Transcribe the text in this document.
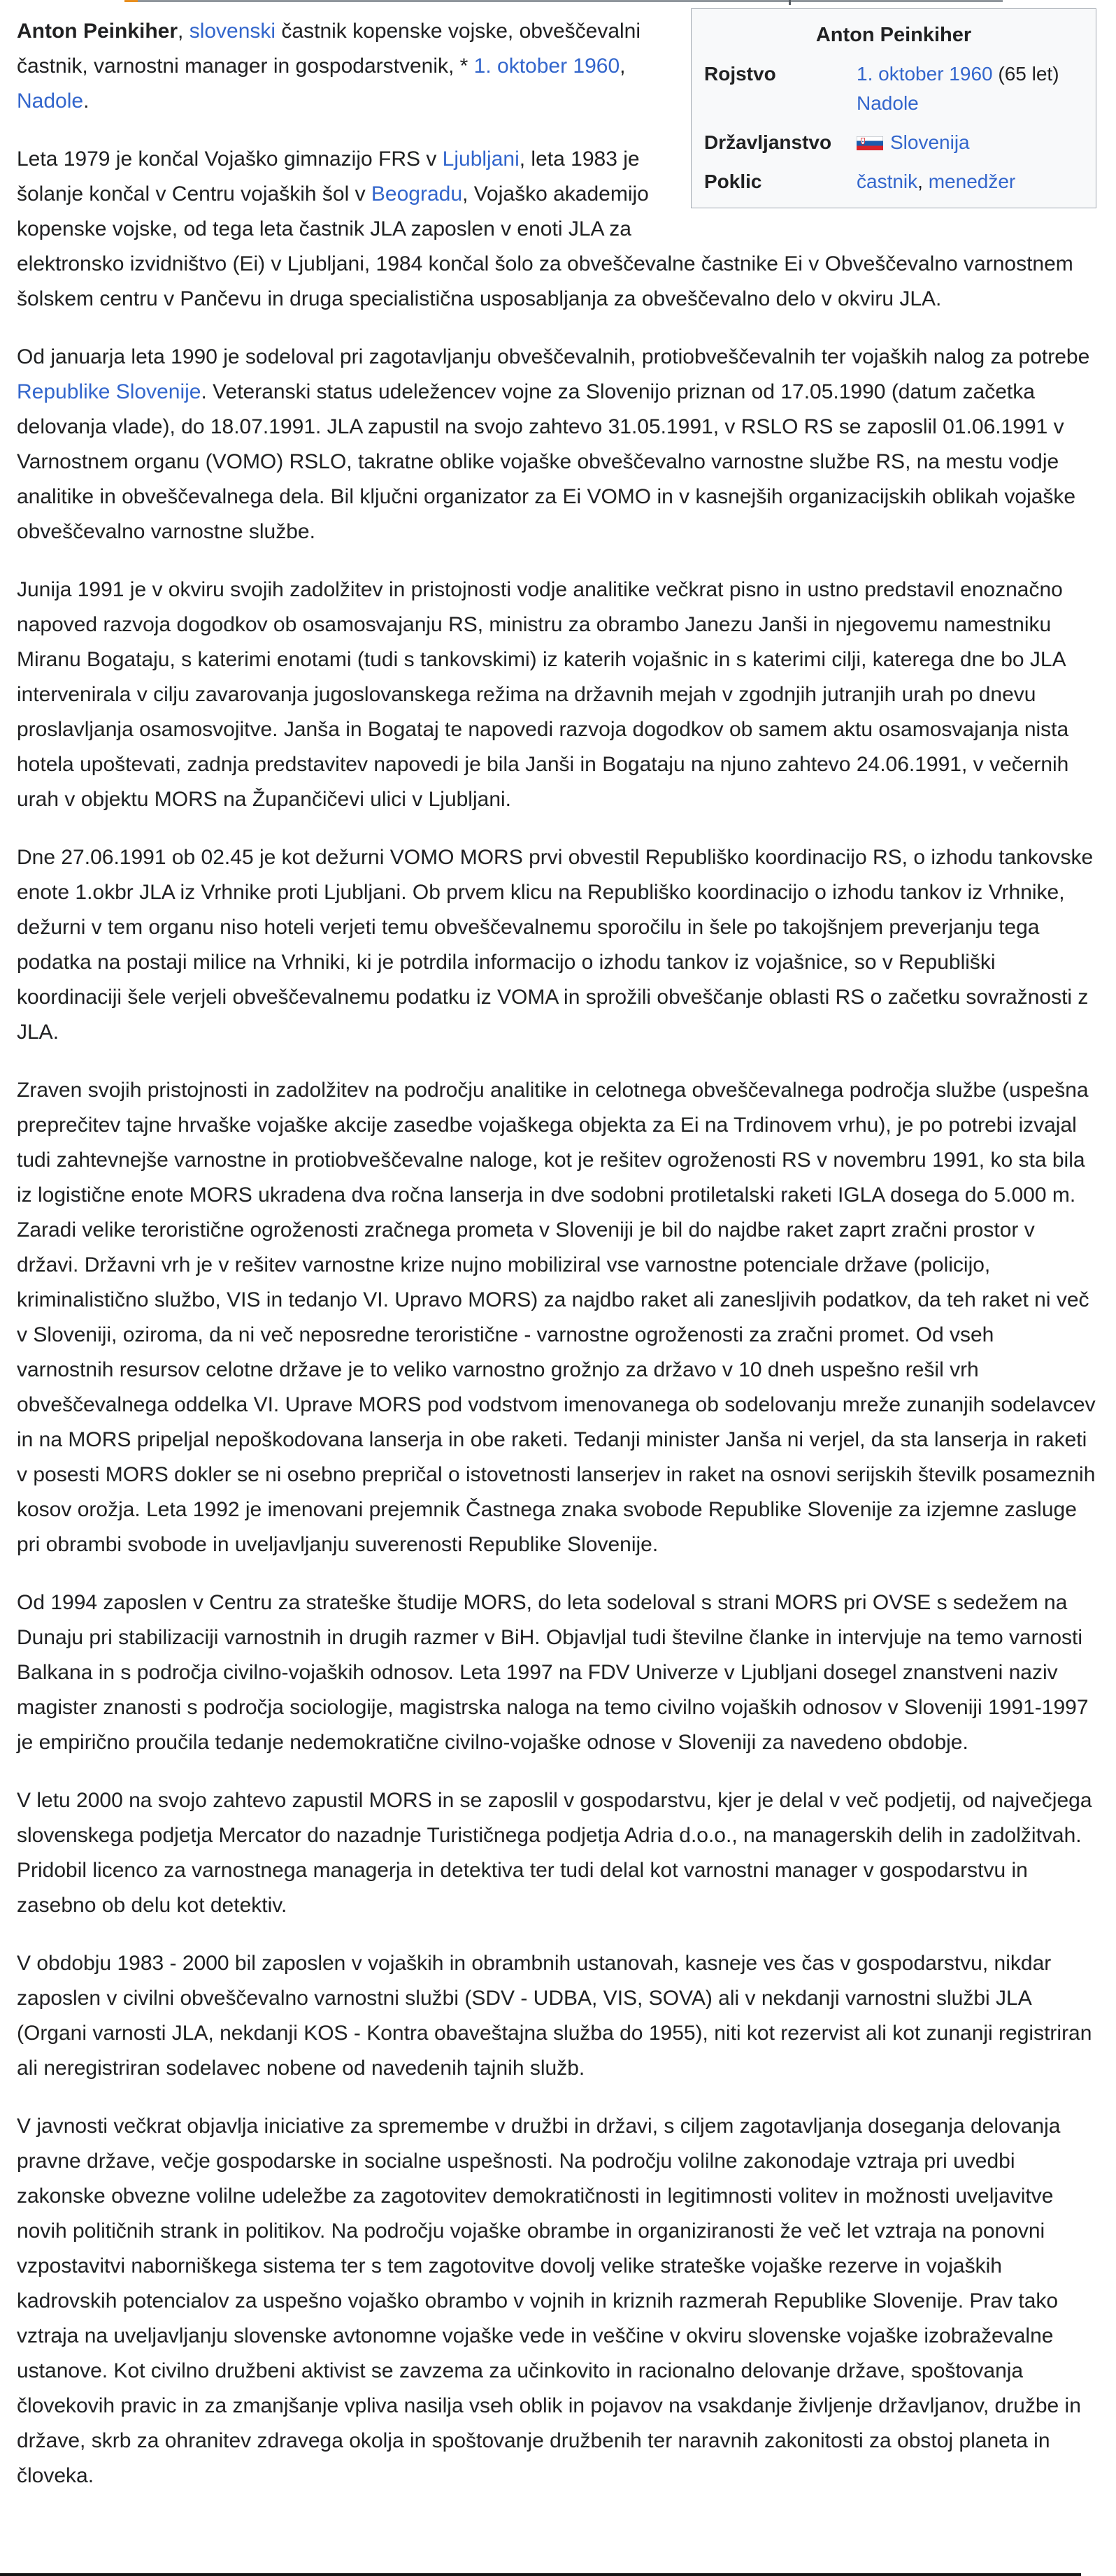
Anton Peinkiher
Rojstvo	1. oktober 1960 (65 let)
Nadole
Državljanstvo	Slovenija
Poklic	častnik, menedžer

Anton Peinkiher, slovenski častnik kopenske vojske, obveščevalni častnik, varnostni manager in gospodarstvenik, * 1. oktober 1960, Nadole.

Leta 1979 je končal Vojaško gimnazijo FRS v Ljubljani, leta 1983 je šolanje končal v Centru vojaških šol v Beogradu, Vojaško akademijo kopenske vojske, od tega leta častnik JLA zaposlen v enoti JLA za elektronsko izvidništvo (Ei) v Ljubljani, 1984 končal šolo za obveščevalne častnike Ei v Obveščevalno varnostnem šolskem centru v Pančevu in druga specialistična usposabljanja za obveščevalno delo v okviru JLA.

Od januarja leta 1990 je sodeloval pri zagotavljanju obveščevalnih, protiobveščevalnih ter vojaških nalog za potrebe Republike Slovenije. Veteranski status udeležencev vojne za Slovenijo priznan od 17.05.1990 (datum začetka delovanja vlade), do 18.07.1991. JLA zapustil na svojo zahtevo 31.05.1991, v RSLO RS se zaposlil 01.06.1991 v Varnostnem organu (VOMO) RSLO, takratne oblike vojaške obveščevalno varnostne službe RS, na mestu vodje analitike in obveščevalnega dela. Bil ključni organizator za Ei VOMO in v kasnejših organizacijskih oblikah vojaške obveščevalno varnostne službe.

Junija 1991 je v okviru svojih zadolžitev in pristojnosti vodje analitike večkrat pisno in ustno predstavil enoznačno napoved razvoja dogodkov ob osamosvajanju RS, ministru za obrambo Janezu Janši in njegovemu namestniku Miranu Bogataju, s katerimi enotami (tudi s tankovskimi) iz katerih vojašnic in s katerimi cilji, katerega dne bo JLA intervenirala v cilju zavarovanja jugoslovanskega režima na državnih mejah v zgodnjih jutranjih urah po dnevu proslavljanja osamosvojitve. Janša in Bogataj te napovedi razvoja dogodkov ob samem aktu osamosvajanja nista hotela upoštevati, zadnja predstavitev napovedi je bila Janši in Bogataju na njuno zahtevo 24.06.1991, v večernih urah v objektu MORS na Župančičevi ulici v Ljubljani.

Dne 27.06.1991 ob 02.45 je kot dežurni VOMO MORS prvi obvestil Republiško koordinacijo RS, o izhodu tankovske enote 1.okbr JLA iz Vrhnike proti Ljubljani. Ob prvem klicu na Republiško koordinacijo o izhodu tankov iz Vrhnike, dežurni v tem organu niso hoteli verjeti temu obveščevalnemu sporočilu in šele po takojšnjem preverjanju tega podatka na postaji milice na Vrhniki, ki je potrdila informacijo o izhodu tankov iz vojašnice, so v Republiški koordinaciji šele verjeli obveščevalnemu podatku iz VOMA in sprožili obveščanje oblasti RS o začetku sovražnosti z JLA.

Zraven svojih pristojnosti in zadolžitev na področju analitike in celotnega obveščevalnega področja službe (uspešna preprečitev tajne hrvaške vojaške akcije zasedbe vojaškega objekta za Ei na Trdinovem vrhu), je po potrebi izvajal tudi zahtevnejše varnostne in protiobveščevalne naloge, kot je rešitev ogroženosti RS v novembru 1991, ko sta bila iz logistične enote MORS ukradena dva ročna lanserja in dve sodobni protiletalski raketi IGLA dosega do 5.000 m. Zaradi velike teroristične ogroženosti zračnega prometa v Sloveniji je bil do najdbe raket zaprt zračni prostor v državi. Državni vrh je v rešitev varnostne krize nujno mobiliziral vse varnostne potenciale države (policijo, kriminalistično službo, VIS in tedanjo VI. Upravo MORS) za najdbo raket ali zanesljivih podatkov, da teh raket ni več v Sloveniji, oziroma, da ni več neposredne teroristične - varnostne ogroženosti za zračni promet. Od vseh varnostnih resursov celotne države je to veliko varnostno grožnjo za državo v 10 dneh uspešno rešil vrh obveščevalnega oddelka VI. Uprave MORS pod vodstvom imenovanega ob sodelovanju mreže zunanjih sodelavcev in na MORS pripeljal nepoškodovana lanserja in obe raketi. Tedanji minister Janša ni verjel, da sta lanserja in raketi v posesti MORS dokler se ni osebno prepričal o istovetnosti lanserjev in raket na osnovi serijskih številk posameznih kosov orožja. Leta 1992 je imenovani prejemnik Častnega znaka svobode Republike Slovenije za izjemne zasluge pri obrambi svobode in uveljavljanju suverenosti Republike Slovenije.

Od 1994 zaposlen v Centru za strateške študije MORS, do leta sodeloval s strani MORS pri OVSE s sedežem na Dunaju pri stabilizaciji varnostnih in drugih razmer v BiH. Objavljal tudi številne članke in intervjuje na temo varnosti Balkana in s področja civilno-vojaških odnosov. Leta 1997 na FDV Univerze v Ljubljani dosegel znanstveni naziv magister znanosti s področja sociologije, magistrska naloga na temo civilno vojaških odnosov v Sloveniji 1991-1997 je empirično proučila tedanje nedemokratične civilno-vojaške odnose v Sloveniji za navedeno obdobje.

V letu 2000 na svojo zahtevo zapustil MORS in se zaposlil v gospodarstvu, kjer je delal v več podjetij, od največjega slovenskega podjetja Mercator do nazadnje Turističnega podjetja Adria d.o.o., na managerskih delih in zadolžitvah. Pridobil licenco za varnostnega managerja in detektiva ter tudi delal kot varnostni manager v gospodarstvu in zasebno ob delu kot detektiv.

V obdobju 1983 - 2000 bil zaposlen v vojaških in obrambnih ustanovah, kasneje ves čas v gospodarstvu, nikdar zaposlen v civilni obveščevalno varnostni službi (SDV - UDBA, VIS, SOVA) ali v nekdanji varnostni službi JLA (Organi varnosti JLA, nekdanji KOS - Kontra obaveštajna služba do 1955), niti kot rezervist ali kot zunanji registriran ali neregistriran sodelavec nobene od navedenih tajnih služb.

V javnosti večkrat objavlja iniciative za spremembe v družbi in državi, s ciljem zagotavljanja doseganja delovanja pravne države, večje gospodarske in socialne uspešnosti. Na področju volilne zakonodaje vztraja pri uvedbi zakonske obvezne volilne udeležbe za zagotovitev demokratičnosti in legitimnosti volitev in možnosti uveljavitve novih političnih strank in politikov. Na področju vojaške obrambe in organiziranosti že več let vztraja na ponovni vzpostavitvi naborniškega sistema ter s tem zagotovitve dovolj velike strateške vojaške rezerve in vojaških kadrovskih potencialov za uspešno vojaško obrambo v vojnih in kriznih razmerah Republike Slovenije. Prav tako vztraja na uveljavljanju slovenske avtonomne vojaške vede in veščine v okviru slovenske vojaške izobraževalne ustanove. Kot civilno družbeni aktivist se zavzema za učinkovito in racionalno delovanje države, spoštovanja človekovih pravic in za zmanjšanje vpliva nasilja vseh oblik in pojavov na vsakdanje življenje državljanov, družbe in države, skrb za ohranitev zdravega okolja in spoštovanje družbenih ter naravnih zakonitosti za obstoj planeta in človeka.
